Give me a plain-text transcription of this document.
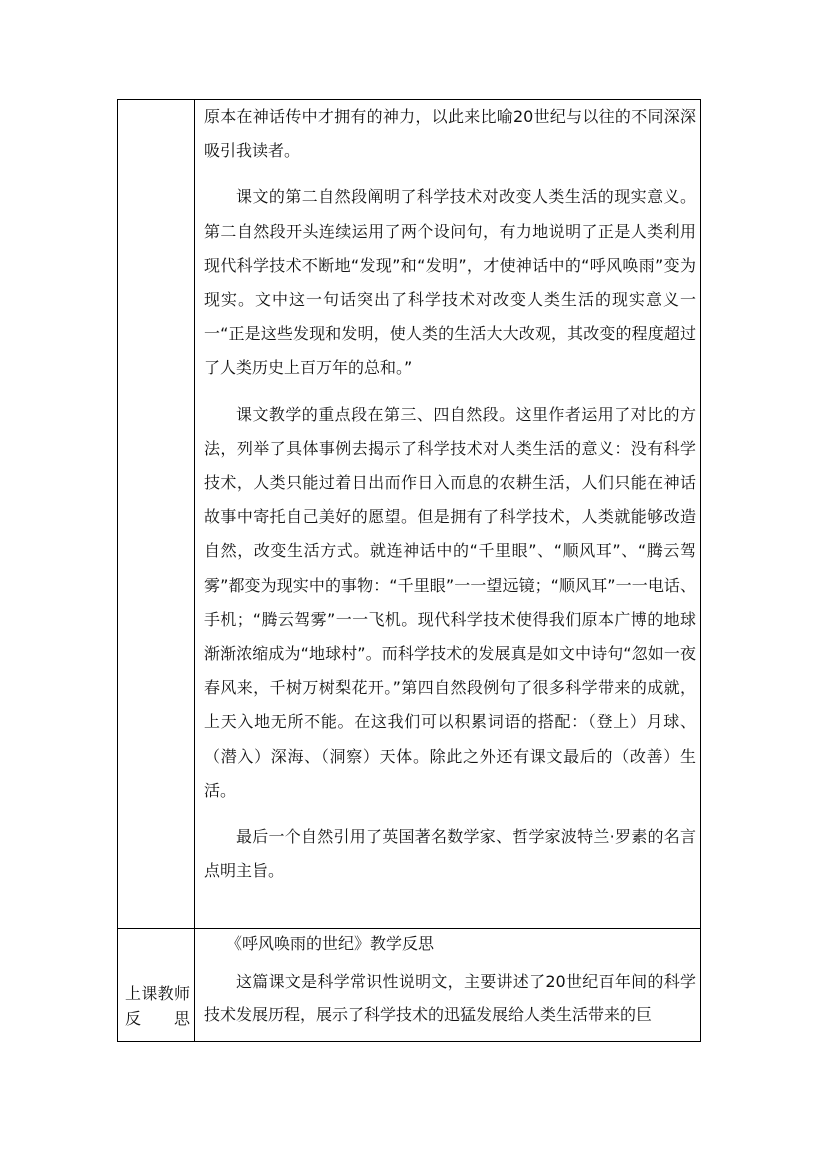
	原本在神话传中才拥有的神力，以此来比喻20世纪与以往的不同深深吸引我读者。

课文的第二自然段阐明了科学技术对改变人类生活的现实意义。第二自然段开头连续运用了两个设问句，有力地说明了正是人类利用现代科学技术不断地“发现”和“发明”，才使神话中的“呼风唤雨”变为现实。文中这一句话突出了科学技术对改变人类生活的现实意义一一“正是这些发现和发明，使人类的生活大大改观，其改变的程度超过了人类历史上百万年的总和。”

课文教学的重点段在第三、四自然段。这里作者运用了对比的方法，列举了具体事例去揭示了科学技术对人类生活的意义：没有科学技术，人类只能过着日出而作日入而息的农耕生活，人们只能在神话故事中寄托自己美好的愿望。但是拥有了科学技术，人类就能够改造自然，改变生活方式。就连神话中的“千里眼”、“顺风耳”、“腾云驾雾”都变为现实中的事物：“千里眼”一一望远镜；“顺风耳”一一电话、手机；“腾云驾雾”一一飞机。现代科学技术使得我们原本广博的地球渐渐浓缩成为“地球村”。而科学技术的发展真是如文中诗句“忽如一夜春风来，千树万树梨花开。”第四自然段例句了很多科学带来的成就，上天入地无所不能。在这我们可以积累词语的搭配：（登上）月球、（潜入）深海、（洞察）天体。除此之外还有课文最后的（改善）生活。

最后一个自然引用了英国著名数学家、哲学家波特兰·罗素的名言点明主旨。

上课教师反思	《呼风唤雨的世纪》教学反思

这篇课文是科学常识性说明文，主要讲述了20世纪百年间的科学技术发展历程，展示了科学技术的迅猛发展给人类生活带来的巨
